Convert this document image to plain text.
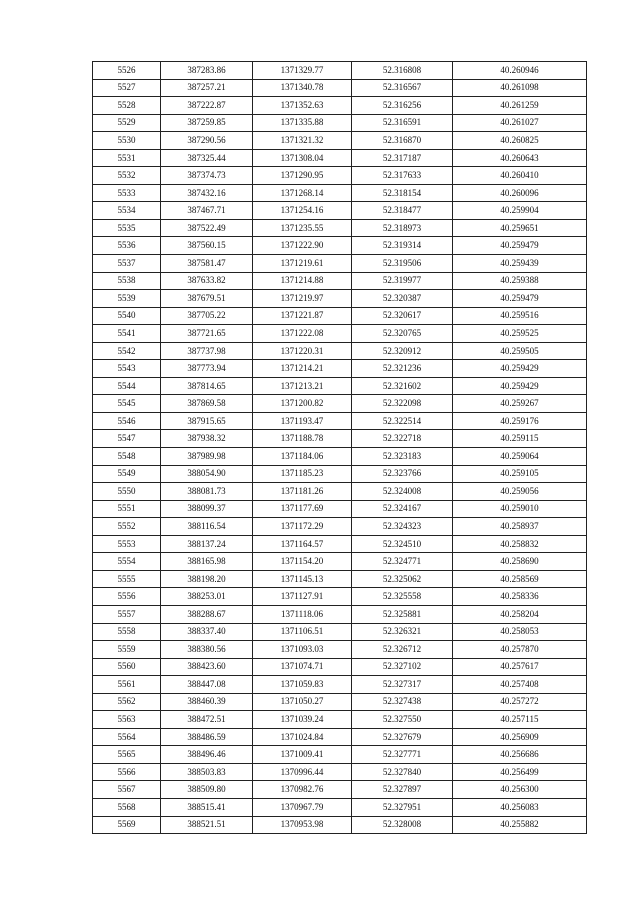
5526	387283.86	1371329.77	52.316808	40.260946
5527	387257.21	1371340.78	52.316567	40.261098
5528	387222.87	1371352.63	52.316256	40.261259
5529	387259.85	1371335.88	52.316591	40.261027
5530	387290.56	1371321.32	52.316870	40.260825
5531	387325.44	1371308.04	52.317187	40.260643
5532	387374.73	1371290.95	52.317633	40.260410
5533	387432.16	1371268.14	52.318154	40.260096
5534	387467.71	1371254.16	52.318477	40.259904
5535	387522.49	1371235.55	52.318973	40.259651
5536	387560.15	1371222.90	52.319314	40.259479
5537	387581.47	1371219.61	52.319506	40.259439
5538	387633.82	1371214.88	52.319977	40.259388
5539	387679.51	1371219.97	52.320387	40.259479
5540	387705.22	1371221.87	52.320617	40.259516
5541	387721.65	1371222.08	52.320765	40.259525
5542	387737.98	1371220.31	52.320912	40.259505
5543	387773.94	1371214.21	52.321236	40.259429
5544	387814.65	1371213.21	52.321602	40.259429
5545	387869.58	1371200.82	52.322098	40.259267
5546	387915.65	1371193.47	52.322514	40.259176
5547	387938.32	1371188.78	52.322718	40.259115
5548	387989.98	1371184.06	52.323183	40.259064
5549	388054.90	1371185.23	52.323766	40.259105
5550	388081.73	1371181.26	52.324008	40.259056
5551	388099.37	1371177.69	52.324167	40.259010
5552	388116.54	1371172.29	52.324323	40.258937
5553	388137.24	1371164.57	52.324510	40.258832
5554	388165.98	1371154.20	52.324771	40.258690
5555	388198.20	1371145.13	52.325062	40.258569
5556	388253.01	1371127.91	52.325558	40.258336
5557	388288.67	1371118.06	52.325881	40.258204
5558	388337.40	1371106.51	52.326321	40.258053
5559	388380.56	1371093.03	52.326712	40.257870
5560	388423.60	1371074.71	52.327102	40.257617
5561	388447.08	1371059.83	52.327317	40.257408
5562	388460.39	1371050.27	52.327438	40.257272
5563	388472.51	1371039.24	52.327550	40.257115
5564	388486.59	1371024.84	52.327679	40.256909
5565	388496.46	1371009.41	52.327771	40.256686
5566	388503.83	1370996.44	52.327840	40.256499
5567	388509.80	1370982.76	52.327897	40.256300
5568	388515.41	1370967.79	52.327951	40.256083
5569	388521.51	1370953.98	52.328008	40.255882
